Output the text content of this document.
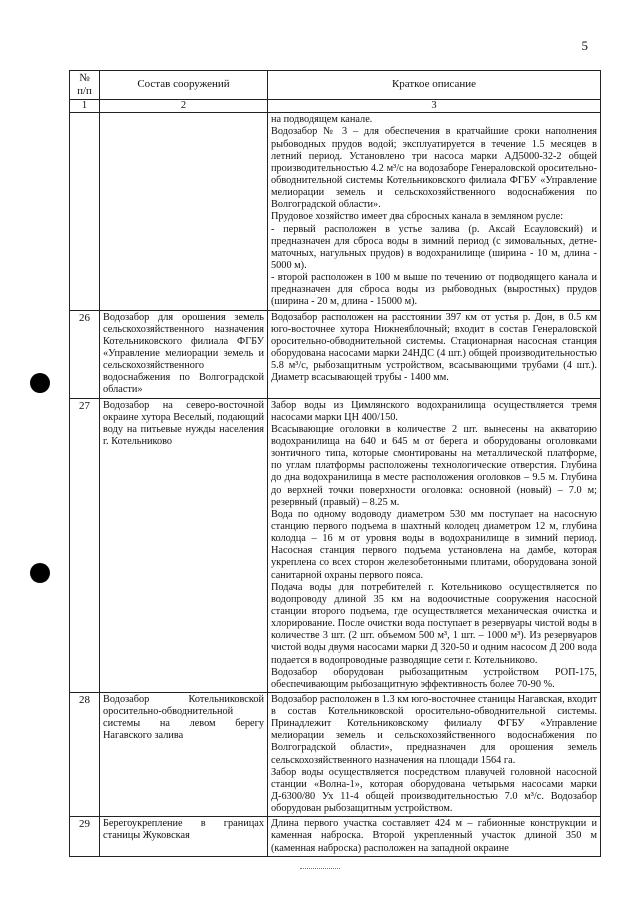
5
№
п/п	Состав сооружений	Краткое описание
1	2	3

		на подводящем канале.

Водозабор № 3 – для обеспечения в кратчайшие сроки наполнения рыбоводных прудов водой; эксплуатируется в течение 1.5 месяцев в летний период. Установлено три насоса марки АД5000-32-2 общей производительностью 4.2 м³/с на водозаборе Генераловской оросительно-обводнительной системы Котельниковского филиала ФГБУ «Управление мелиорации земель и сельскохозяйственного водоснабжения по Волгоградской области».

Прудовое хозяйство имеет два сбросных канала в земляном русле:

- первый расположен в устье залива (р. Аксай Есауловский) и предназначен для сброса воды в зимний период (с зимовальных, детне-маточных, нагульных прудов) в водохранилище (ширина - 10 м, длина - 5000 м).

- второй расположен в 100 м выше по течению от подводящего канала и предназначен для сброса воды из рыбоводных (выростных) прудов (ширина - 20 м, длина - 15000 м).

26	Водозабор для орошения земель сельскохозяйственного назначения Котельниковского филиала ФГБУ «Управление мелиорации земель и сельскохозяйственного водоснабжения по Волгоградской области»	Водозабор расположен на расстоянии 397 км от устья р. Дон, в 0.5 км юго-восточнее хутора Нижнеяблочный; входит в состав Генераловской оросительно-обводнительной системы. Стационарная насосная станция оборудована насосами марки 24НДС (4 шт.) общей производительностью 5.8 м³/с, рыбозащитным устройством, всасывающими трубами (4 шт.). Диаметр всасывающей трубы - 1400 мм.

27	Водозабор на северо-восточной окраине хутора Веселый, подающий воду на питьевые нужды населения г. Котельниково	Забор воды из Цимлянского водохранилища осуществляется тремя насосами марки ЦН 400/150.

Всасывающие оголовки в количестве 2 шт. вынесены на акваторию водохранилища на 640 и 645 м от берега и оборудованы оголовками зонтичного типа, которые смонтированы на металлической платформе, по углам платформы расположены технологические отверстия. Глубина до дна водохранилища в месте расположения оголовков – 9.5 м. Глубина до верхней точки поверхности оголовка: основной (новый) – 7.0 м; резервный (правый) – 8.25 м.

Вода по одному водоводу диаметром 530 мм поступает на насосную станцию первого подъема в шахтный колодец диаметром 12 м, глубина колодца – 16 м от уровня воды в водохранилище в зимний период. Насосная станция первого подъема установлена на дамбе, которая укреплена со всех сторон железобетонными плитами, оборудована зоной санитарной охраны первого пояса.

Подача воды для потребителей г. Котельниково осуществляется по водопроводу длиной 35 км на водоочистные сооружения насосной станции второго подъема, где осуществляется механическая очистка и хлорирование. После очистки вода поступает в резервуары чистой воды в количестве 3 шт. (2 шт. объемом 500 м³, 1 шт. – 1000 м³). Из резервуаров чистой воды двумя насосами марки Д 320-50 и одним насосом Д 200 вода подается в водопроводные разводящие сети г. Котельниково.

Водозабор оборудован рыбозащитным устройством РОП-175, обеспечивающим рыбозащитную эффективность более 70-90 %.

28	Водозабор Котельниковской оросительно-обводнительной системы на левом берегу Нагавского залива	Водозабор расположен в 1.3 км юго-восточнее станицы Нагавская, входит в состав Котельниковской оросительно-обводнительной системы. Принадлежит Котельниковскому филиалу ФГБУ «Управление мелиорации земель и сельскохозяйственного водоснабжения по Волгоградской области», предназначен для орошения земель сельскохозяйственного назначения на площади 1564 га.

Забор воды осуществляется посредством плавучей головной насосной станции «Волна-1», которая оборудована четырьмя насосами марки Д-6300/80 Ух 11-4 общей производительностью 7.0 м³/с. Водозабор оборудован рыбозащитным устройством.

29	Берегоукрепление в границах станицы Жуковская	Длина первого участка составляет 424 м – габионные конструкции и каменная наброска. Второй укрепленный участок длиной 350 м (каменная наброска) расположен на западной окраине
